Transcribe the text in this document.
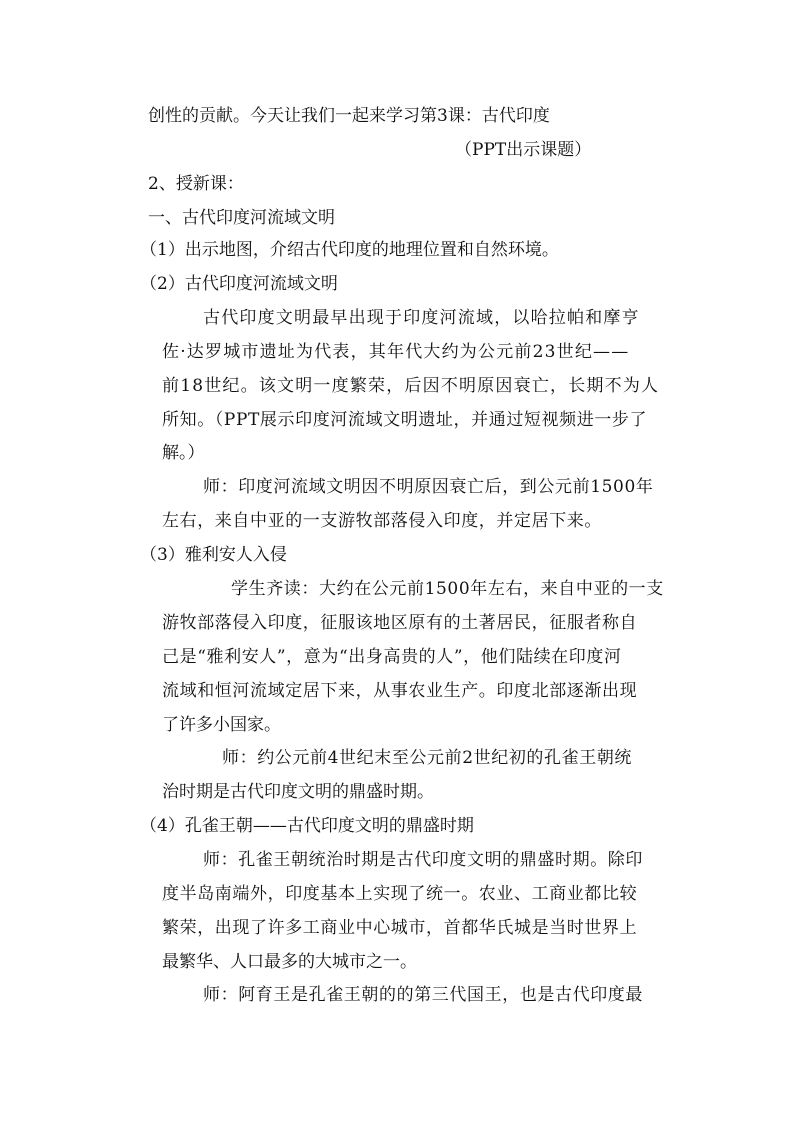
创性的贡献。今天让我们一起来学习第3课：古代印度

（PPT出示课题）

2、授新课：

一、古代印度河流域文明

（1）出示地图，介绍古代印度的地理位置和自然环境。

（2）古代印度河流域文明

古代印度文明最早出现于印度河流域，以哈拉帕和摩亨

佐·达罗城市遗址为代表，其年代大约为公元前23世纪——

前18世纪。该文明一度繁荣，后因不明原因衰亡，长期不为人

所知。（PPT展示印度河流域文明遗址，并通过短视频进一步了

解。）

师：印度河流域文明因不明原因衰亡后，到公元前1500年

左右，来自中亚的一支游牧部落侵入印度，并定居下来。

（3）雅利安人入侵

学生齐读：大约在公元前1500年左右，来自中亚的一支

游牧部落侵入印度，征服该地区原有的土著居民，征服者称自

己是“雅利安人”，意为“出身高贵的人”，他们陆续在印度河

流域和恒河流域定居下来，从事农业生产。印度北部逐渐出现

了许多小国家。

师：约公元前4世纪末至公元前2世纪初的孔雀王朝统

治时期是古代印度文明的鼎盛时期。

（4）孔雀王朝——古代印度文明的鼎盛时期

师：孔雀王朝统治时期是古代印度文明的鼎盛时期。除印

度半岛南端外，印度基本上实现了统一。农业、工商业都比较

繁荣，出现了许多工商业中心城市，首都华氏城是当时世界上

最繁华、人口最多的大城市之一。

师：阿育王是孔雀王朝的的第三代国王，也是古代印度最
